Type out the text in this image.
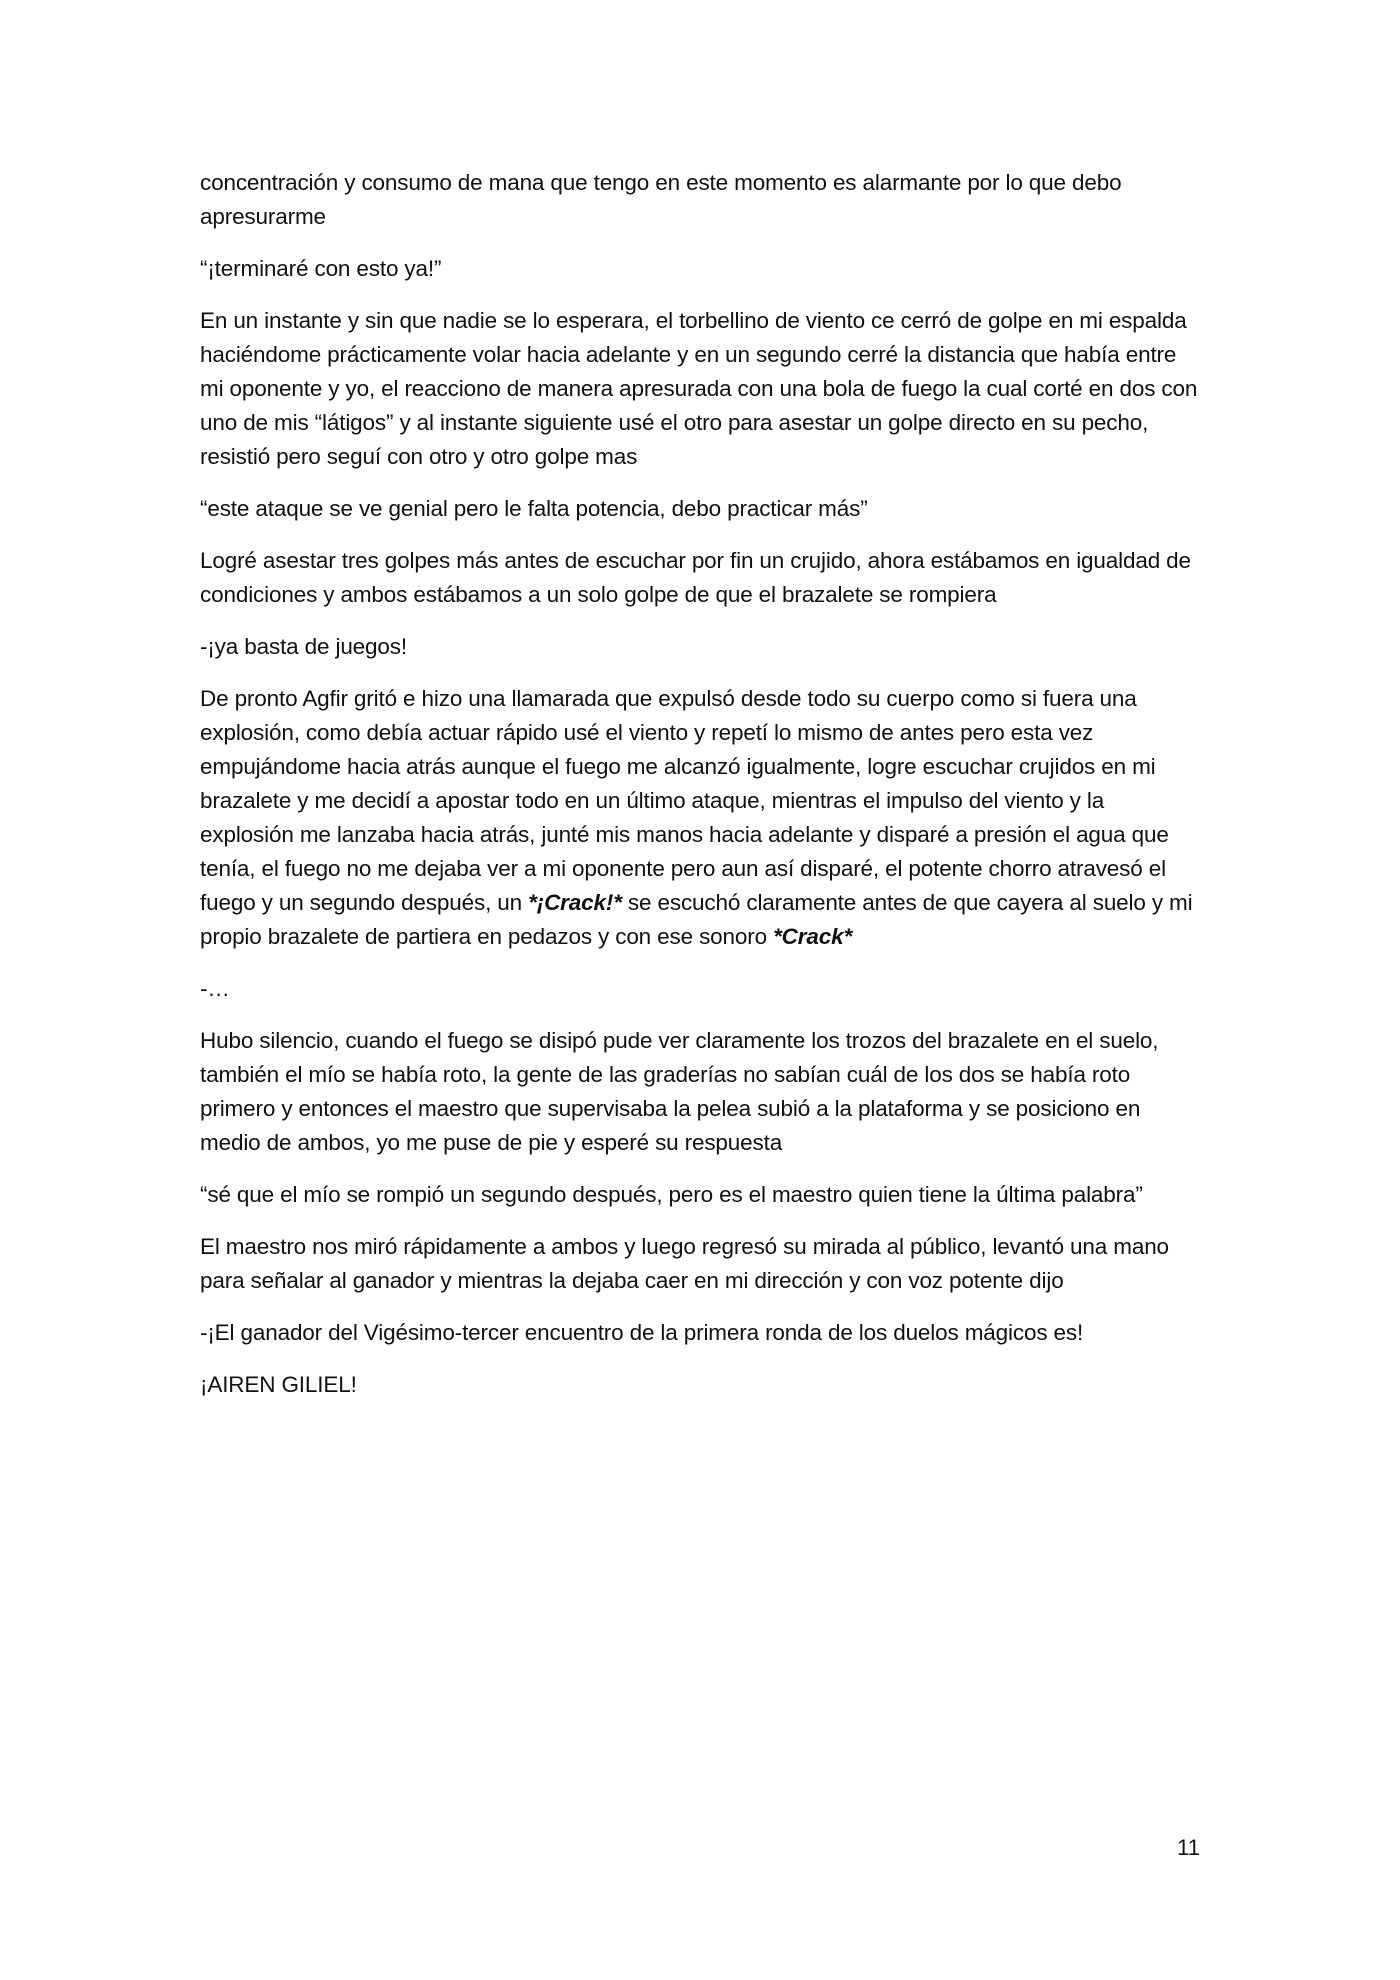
concentración y consumo de mana que tengo en este momento es alarmante por lo que debo apresurarme

“¡terminaré con esto ya!”

En un instante y sin que nadie se lo esperara, el torbellino de viento ce cerró de golpe en mi espalda haciéndome prácticamente volar hacia adelante y en un segundo cerré la distancia que había entre mi oponente y yo, el reacciono de manera apresurada con una bola de fuego la cual corté en dos con uno de mis “látigos” y al instante siguiente usé el otro para asestar un golpe directo en su pecho, resistió pero seguí con otro y otro golpe mas

“este ataque se ve genial pero le falta potencia, debo practicar más”

Logré asestar tres golpes más antes de escuchar por fin un crujido, ahora estábamos en igualdad de condiciones y ambos estábamos a un solo golpe de que el brazalete se rompiera

-¡ya basta de juegos!

De pronto Agfir gritó e hizo una llamarada que expulsó desde todo su cuerpo como si fuera una explosión, como debía actuar rápido usé el viento y repetí lo mismo de antes pero esta vez empujándome hacia atrás aunque el fuego me alcanzó igualmente, logre escuchar crujidos en mi brazalete y me decidí a apostar todo en un último ataque, mientras el impulso del viento y la explosión me lanzaba hacia atrás, junté mis manos hacia adelante y disparé a presión el agua que tenía, el fuego no me dejaba ver a mi oponente pero aun así disparé, el potente chorro atravesó el fuego y un segundo después, un *¡Crack!* se escuchó claramente antes de que cayera al suelo y mi propio brazalete de partiera en pedazos y con ese sonoro *Crack*

-…

Hubo silencio, cuando el fuego se disipó pude ver claramente los trozos del brazalete en el suelo, también el mío se había roto, la gente de las graderías no sabían cuál de los dos se había roto primero y entonces el maestro que supervisaba la pelea subió a la plataforma y se posiciono en medio de ambos, yo me puse de pie y esperé su respuesta

“sé que el mío se rompió un segundo después, pero es el maestro quien tiene la última palabra”

El maestro nos miró rápidamente a ambos y luego regresó su mirada al público, levantó una mano para señalar al ganador y mientras la dejaba caer en mi dirección y con voz potente dijo

-¡El ganador del Vigésimo-tercer encuentro de la primera ronda de los duelos mágicos es!

¡AIREN GILIEL!

11
